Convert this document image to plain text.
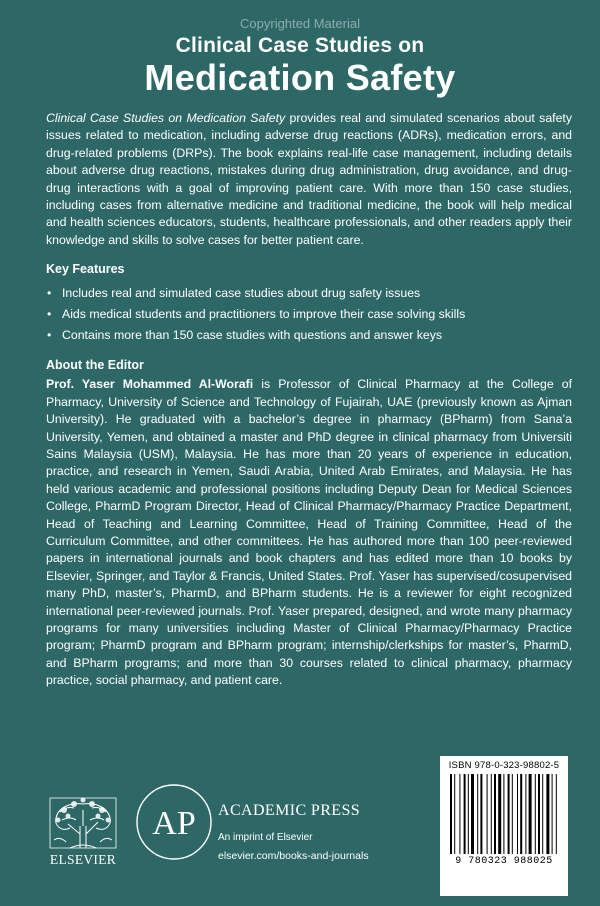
Copyrighted Material
Clinical Case Studies on
Medication Safety

Clinical Case Studies on Medication Safety provides real and simulated scenarios about safety issues related to medication, including adverse drug reactions (ADRs), medication errors, and drug-related problems (DRPs). The book explains real-life case management, including details about adverse drug reactions, mistakes during drug administration, drug avoidance, and drug-drug interactions with a goal of improving patient care. With more than 150 case studies, including cases from alternative medicine and traditional medicine, the book will help medical and health sciences educators, students, healthcare professionals, and other readers apply their knowledge and skills to solve cases for better patient care.

Key Features
• Includes real and simulated case studies about drug safety issues
• Aids medical students and practitioners to improve their case solving skills
• Contains more than 150 case studies with questions and answer keys
About the Editor

Prof. Yaser Mohammed Al-Worafi is Professor of Clinical Pharmacy at the College of Pharmacy, University of Science and Technology of Fujairah, UAE (previously known as Ajman University). He graduated with a bachelor’s degree in pharmacy (BPharm) from Sana’a University, Yemen, and obtained a master and PhD degree in clinical pharmacy from Universiti Sains Malaysia (USM), Malaysia. He has more than 20 years of experience in education, practice, and research in Yemen, Saudi Arabia, United Arab Emirates, and Malaysia. He has held various academic and professional positions including Deputy Dean for Medical Sciences College, PharmD Program Director, Head of Clinical Pharmacy/Pharmacy Practice Department, Head of Teaching and Learning Committee, Head of Training Committee, Head of the Curriculum Committee, and other committees. He has authored more than 100 peer-reviewed papers in international journals and book chapters and has edited more than 10 books by Elsevier, Springer, and Taylor & Francis, United States. Prof. Yaser has supervised/cosupervised many PhD, master’s, PharmD, and BPharm students. He is a reviewer for eight recognized international peer-reviewed journals. Prof. Yaser prepared, designed, and wrote many pharmacy programs for many universities including Master of Clinical Pharmacy/Pharmacy Practice program; PharmD program and BPharm program; internship/clerkships for master’s, PharmD, and BPharm programs; and more than 30 courses related to clinical pharmacy, pharmacy practice, social pharmacy, and patient care.

ELSEVIER
AP ACADEMIC PRESS
An imprint of Elsevier
elsevier.com/books-and-journals
ISBN 978-0-323-98802-5
9 780323 988025
